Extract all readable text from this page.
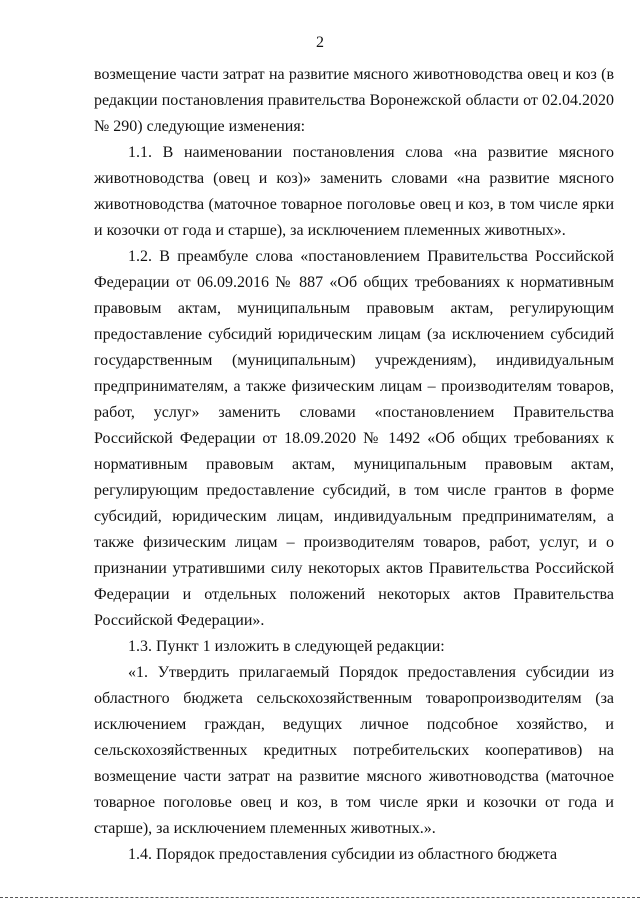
2

возмещение части затрат на развитие мясного животноводства овец и коз (в редакции постановления правительства Воронежской области от 02.04.2020 № 290) следующие изменения:

1.1. В наименовании постановления слова «на развитие мясного животноводства (овец и коз)» заменить словами «на развитие мясного животноводства (маточное товарное поголовье овец и коз, в том числе ярки и козочки от года и старше), за исключением племенных животных».

1.2. В преамбуле слова «постановлением Правительства Российской Федерации от 06.09.2016 № 887 «Об общих требованиях к нормативным правовым актам, муниципальным правовым актам, регулирующим предоставление субсидий юридическим лицам (за исключением субсидий государственным (муниципальным) учреждениям), индивидуальным предпринимателям, а также физическим лицам – производителям товаров, работ, услуг» заменить словами «постановлением Правительства Российской Федерации от 18.09.2020 № 1492 «Об общих требованиях к нормативным правовым актам, муниципальным правовым актам, регулирующим предоставление субсидий, в том числе грантов в форме субсидий, юридическим лицам, индивидуальным предпринимателям, а также физическим лицам – производителям товаров, работ, услуг, и о признании утратившими силу некоторых актов Правительства Российской Федерации и отдельных положений некоторых актов Правительства Российской Федерации».

1.3. Пункт 1 изложить в следующей редакции:

«1. Утвердить прилагаемый Порядок предоставления субсидии из областного бюджета сельскохозяйственным товаропроизводителям (за исключением граждан, ведущих личное подсобное хозяйство, и сельскохозяйственных кредитных потребительских кооперативов) на возмещение части затрат на развитие мясного животноводства (маточное товарное поголовье овец и коз, в том числе ярки и козочки от года и старше), за исключением племенных животных.».

1.4. Порядок предоставления субсидии из областного бюджета
